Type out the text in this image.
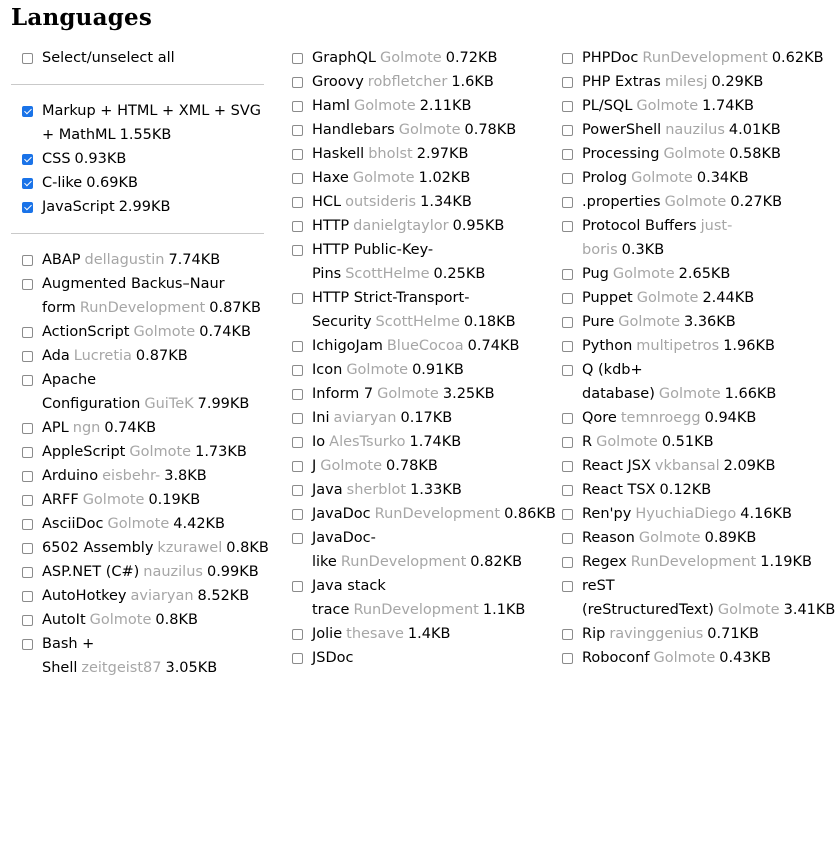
Languages
Select/unselect all
Markup + HTML + XML + SVG + MathML 1.55KB
CSS 0.93KB
C-like 0.69KB
JavaScript 2.99KB
ABAP dellagustin 7.74KB
Augmented Backus–Naur form RunDevelopment 0.87KB
ActionScript Golmote 0.74KB
Ada Lucretia 0.87KB
Apache Configuration GuiTeK 7.99KB
APL ngn 0.74KB
AppleScript Golmote 1.73KB
Arduino eisbehr- 3.8KB
ARFF Golmote 0.19KB
AsciiDoc Golmote 4.42KB
6502 Assembly kzurawel 0.8KB
ASP.NET (C#) nauzilus 0.99KB
AutoHotkey aviaryan 8.52KB
AutoIt Golmote 0.8KB
Bash + Shell zeitgeist87 3.05KB
GraphQL Golmote 0.72KB
Groovy robfletcher 1.6KB
Haml Golmote 2.11KB
Handlebars Golmote 0.78KB
Haskell bholst 2.97KB
Haxe Golmote 1.02KB
HCL outsideris 1.34KB
HTTP danielgtaylor 0.95KB
HTTP Public-Key-Pins ScottHelme 0.25KB
HTTP Strict-Transport-Security ScottHelme 0.18KB
IchigoJam BlueCocoa 0.74KB
Icon Golmote 0.91KB
Inform 7 Golmote 3.25KB
Ini aviaryan 0.17KB
Io AlesTsurko 1.74KB
J Golmote 0.78KB
Java sherblot 1.33KB
JavaDoc RunDevelopment 0.86KB
JavaDoc-like RunDevelopment 0.82KB
Java stack trace RunDevelopment 1.1KB
Jolie thesave 1.4KB
JSDoc
PHPDoc RunDevelopment 0.62KB
PHP Extras milesj 0.29KB
PL/SQL Golmote 1.74KB
PowerShell nauzilus 4.01KB
Processing Golmote 0.58KB
Prolog Golmote 0.34KB
.properties Golmote 0.27KB
Protocol Buffers just-boris 0.3KB
Pug Golmote 2.65KB
Puppet Golmote 2.44KB
Pure Golmote 3.36KB
Python multipetros 1.96KB
Q (kdb+ database) Golmote 1.66KB
Qore temnroegg 0.94KB
R Golmote 0.51KB
React JSX vkbansal 2.09KB
React TSX 0.12KB
Ren'py HyuchiaDiego 4.16KB
Reason Golmote 0.89KB
Regex RunDevelopment 1.19KB
reST (reStructuredText) Golmote 3.41KB
Rip ravinggenius 0.71KB
Roboconf Golmote 0.43KB
